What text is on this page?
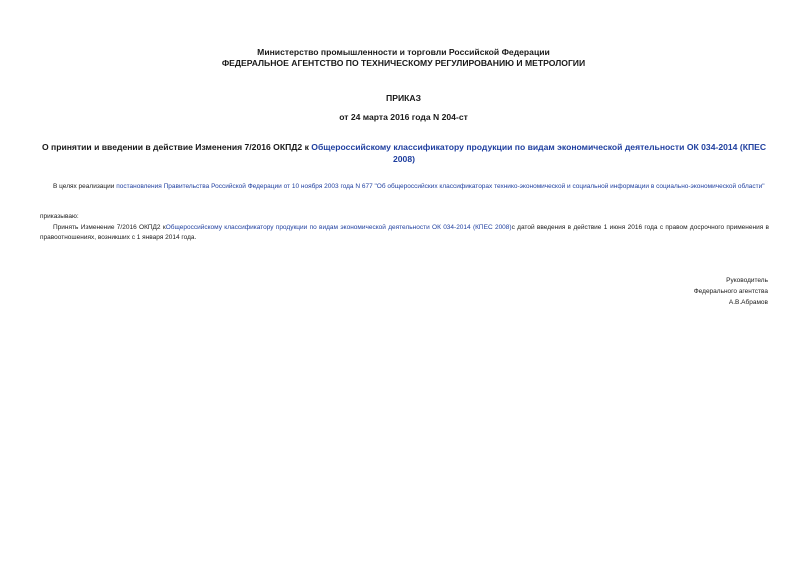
Министерство промышленности и торговли Российской Федерации
ФЕДЕРАЛЬНОЕ АГЕНТСТВО ПО ТЕХНИЧЕСКОМУ РЕГУЛИРОВАНИЮ И МЕТРОЛОГИИ
ПРИКАЗ
от 24 марта 2016 года N 204-ст
О принятии и введении в действие Изменения 7/2016 ОКПД2 к Общероссийскому классификатору продукции по видам экономической деятельности ОК 034-2014 (КПЕС 2008)
В целях реализации постановления Правительства Российской Федерации от 10 ноября 2003 года N 677 "Об общероссийских классификаторах технико-экономической и социальной информации в социально-экономической области"
приказываю:
Принять Изменение 7/2016 ОКПД2 кОбщероссийскому классификатору продукции по видам экономической деятельности ОК 034-2014 (КПЕС 2008)с датой введения в действие 1 июня 2016 года с правом досрочного применения в правоотношениях, возникших с 1 января 2014 года.
Руководитель
Федерального агентства
А.В.Абрамов
